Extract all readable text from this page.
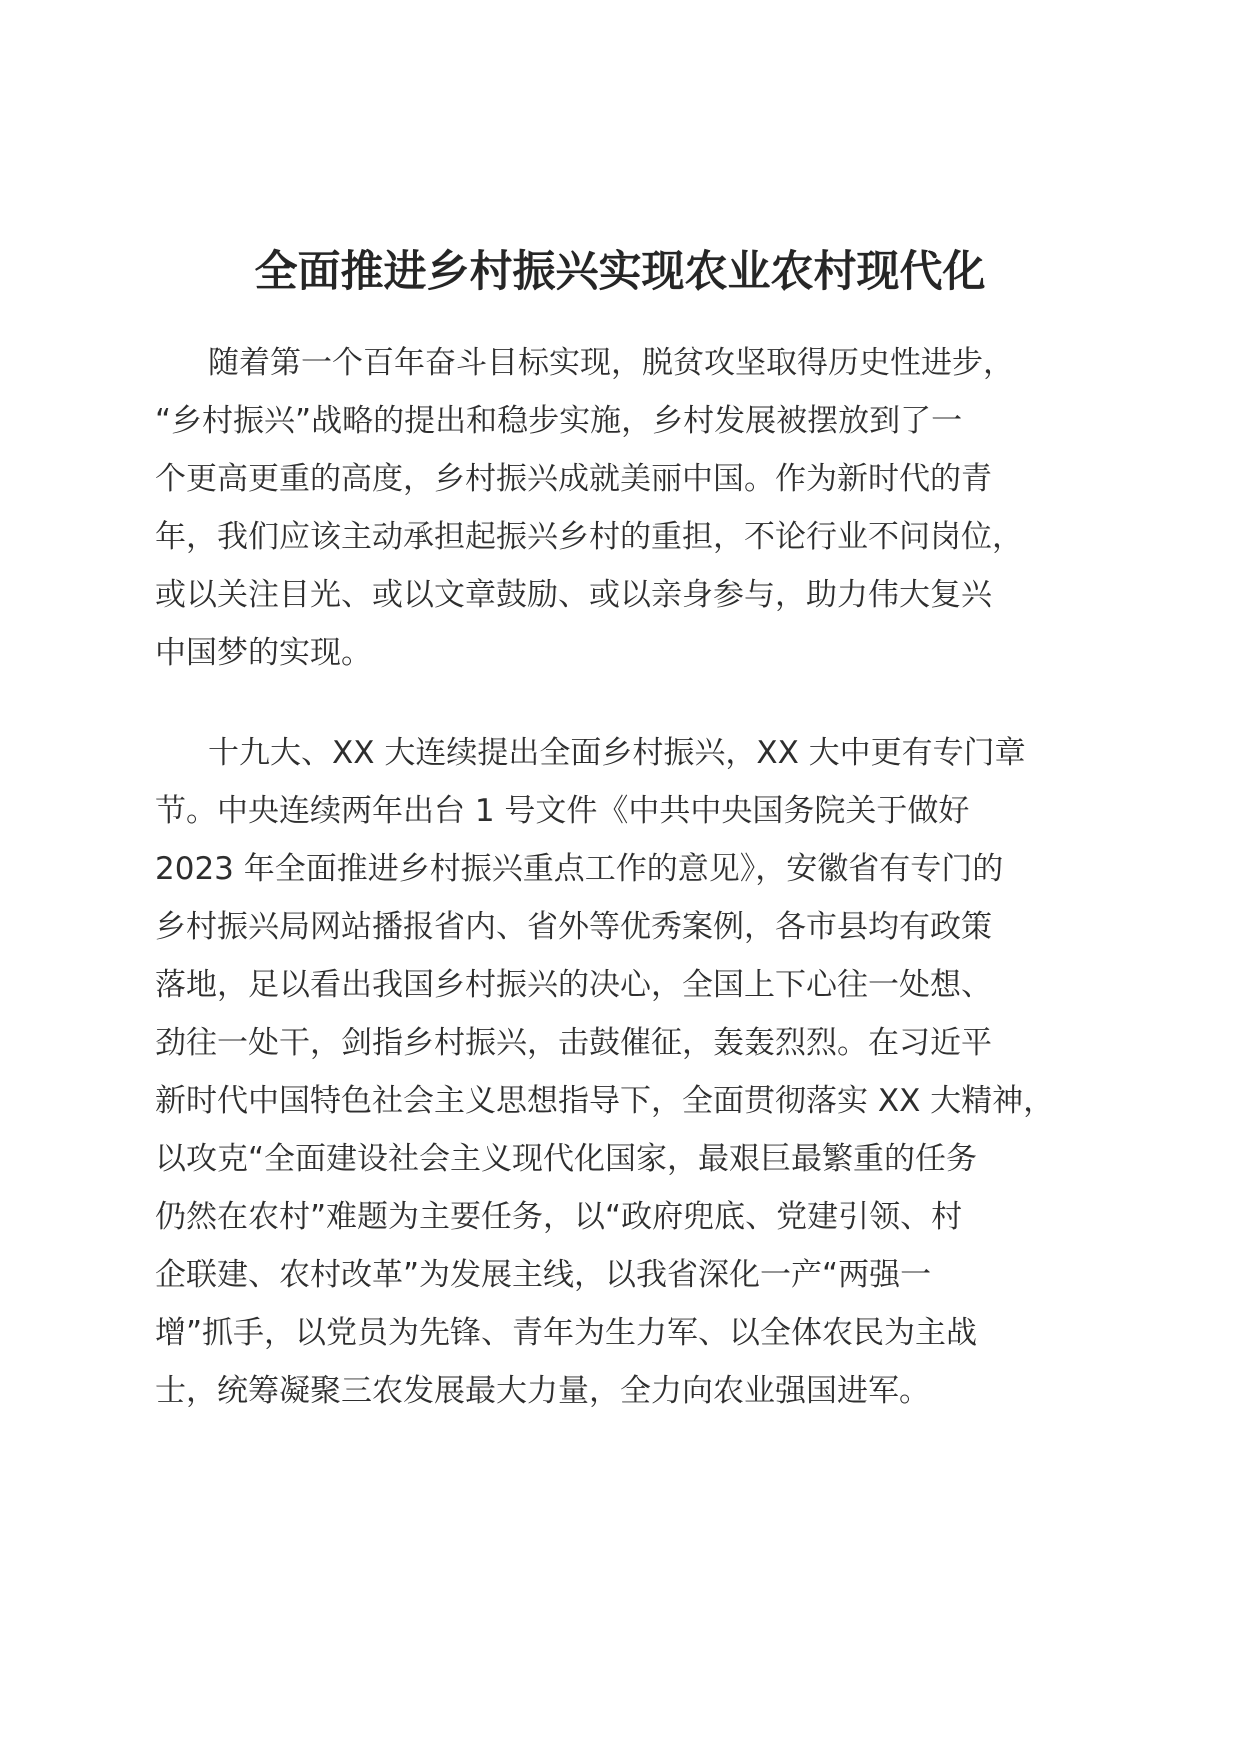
全面推进乡村振兴实现农业农村现代化
随着第一个百年奋斗目标实现，脱贫攻坚取得历史性进步，
“乡村振兴”战略的提出和稳步实施，乡村发展被摆放到了一
个更高更重的高度，乡村振兴成就美丽中国。作为新时代的青
年，我们应该主动承担起振兴乡村的重担，不论行业不问岗位，
或以关注目光、或以文章鼓励、或以亲身参与，助力伟大复兴
中国梦的实现。
十九大、XX 大连续提出全面乡村振兴，XX 大中更有专门章
节。中央连续两年出台 1 号文件《中共中央国务院关于做好
2023 年全面推进乡村振兴重点工作的意见》，安徽省有专门的
乡村振兴局网站播报省内、省外等优秀案例，各市县均有政策
落地，足以看出我国乡村振兴的决心，全国上下心往一处想、
劲往一处干，剑指乡村振兴，击鼓催征，轰轰烈烈。在习近平
新时代中国特色社会主义思想指导下，全面贯彻落实 XX 大精神，
以攻克“全面建设社会主义现代化国家，最艰巨最繁重的任务
仍然在农村”难题为主要任务，以“政府兜底、党建引领、村
企联建、农村改革”为发展主线，以我省深化一产“两强一
增”抓手，以党员为先锋、青年为生力军、以全体农民为主战
士，统筹凝聚三农发展最大力量，全力向农业强国进军。
